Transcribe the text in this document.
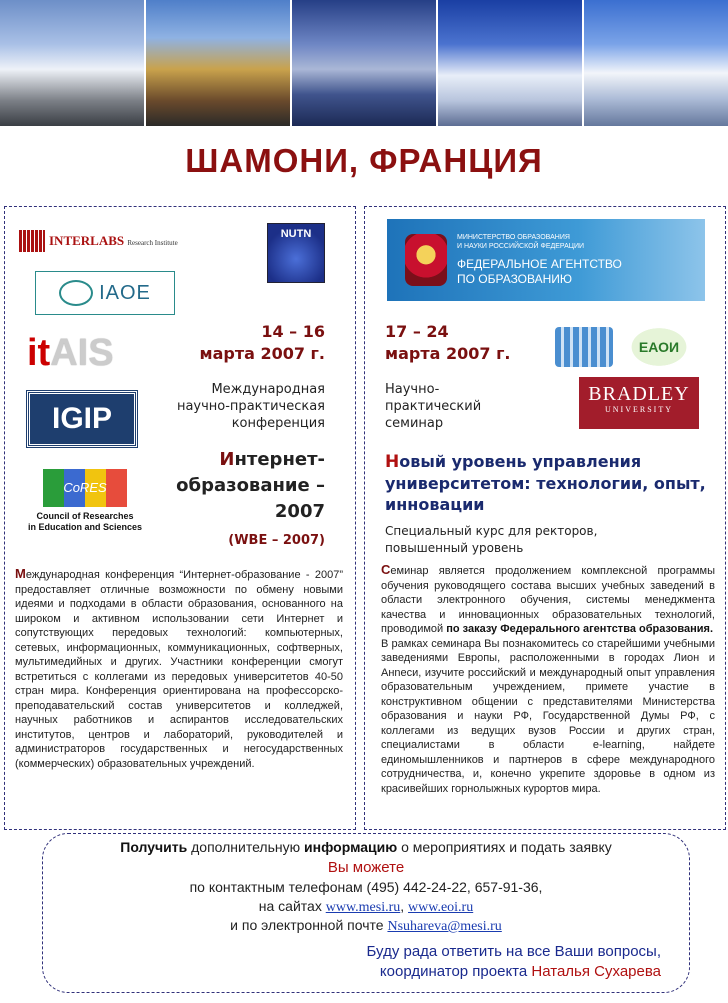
ШАМОНИ, ФРАНЦИЯ
INTERLABS Research Institute
NUTN
IAOE
it AIS
IGIP
CoRES
Council of Researches
in Education and Sciences
14 – 16
марта 2007 г.
Международная
научно-практическая
конференция
Интернет-
образование –
2007
(WBE – 2007)
Международная конференция “Интернет-образование - 2007” предоставляет отличные возможности по обмену новыми идеями и подходами в области образования, основанного на широком и активном использовании сети Интернет и сопутствующих передовых технологий: компьютерных, сетевых, информационных, коммуникационных, софтверных, мультимедийных и других. Участники конференции смогут встретиться с коллегами из передовых университетов 40-50 стран мира. Конференция ориентирована на профессорско-преподавательский состав университетов и колледжей, научных работников и аспирантов исследовательских институтов, центров и лабораторий, руководителей и администраторов государственных и негосударственных (коммерческих) образовательных учреждений.
МИНИСТЕРСТВО ОБРАЗОВАНИЯ
И НАУКИ РОССИЙСКОЙ ФЕДЕРАЦИИ
ФЕДЕРАЛЬНОЕ АГЕНТСТВО
ПО ОБРАЗОВАНИЮ
ЕАОИ
BRADLEY
UNIVERSITY
17 – 24
марта 2007 г.
Научно-
практический
семинар
Новый уровень управления университетом: технологии, опыт, инновации
Специальный курс для ректоров,
повышенный уровень
Семинар является продолжением комплексной программы обучения руководящего состава высших учебных заведений в области электронного обучения, системы менеджмента качества и инновационных образовательных технологий, проводимой по заказу Федерального агентства образования.
В рамках семинара Вы познакомитесь со старейшими учебными заведениями Европы, расположенными в городах Лион и Анneси, изучите российский и международный опыт управления образовательным учреждением, примете участие в конструктивном общении с представителями Министерства образования и науки РФ, Государственной Думы РФ, с коллегами из ведущих вузов России и других стран, специалистами в области e-learning, найдете единомышленников и партнеров в сфере международного сотрудничества, и, конечно укрепите здоровье в одном из красивейших горнолыжных курортов мира.
Получить дополнительную информацию о мероприятиях и подать заявку
Вы можете
по контактным телефонам (495) 442-24-22, 657-91-36,
на сайтах www.mesi.ru, www.eoi.ru
и по электронной почте Nsuhareva@mesi.ru
Буду рада ответить на все Ваши вопросы,
координатор проекта Наталья Сухарева
